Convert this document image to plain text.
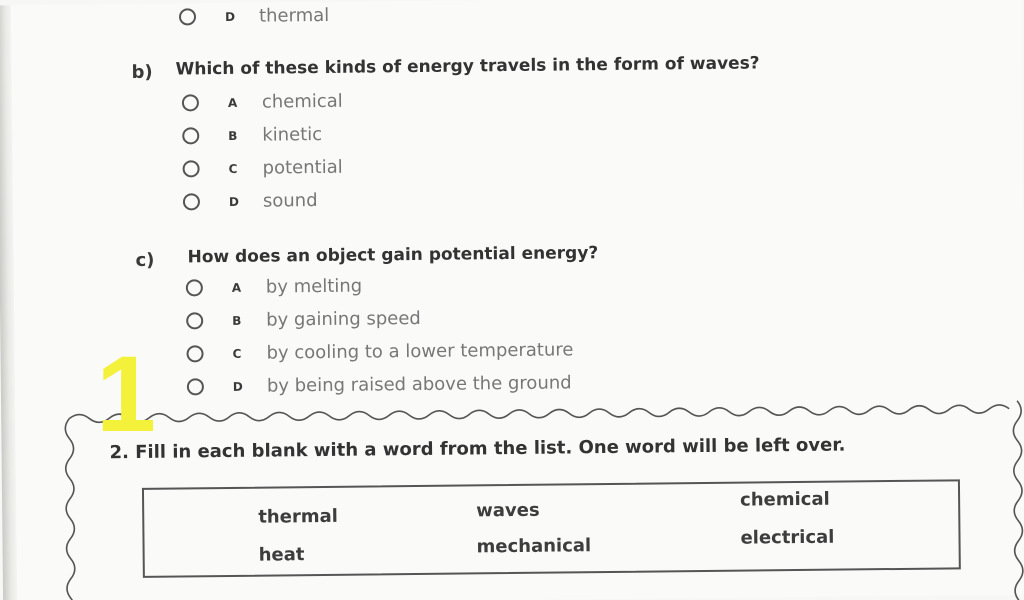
D thermal
b) Which of these kinds of energy travels in the form of waves?
A chemical
B kinetic
C potential
D sound
c) How does an object gain potential energy?
A by melting
B by gaining speed
C by cooling to a lower temperature
D by being raised above the ground
2. Fill in each blank with a word from the list. One word will be left over.
thermal	waves	chemical
heat	mechanical	electrical
1
